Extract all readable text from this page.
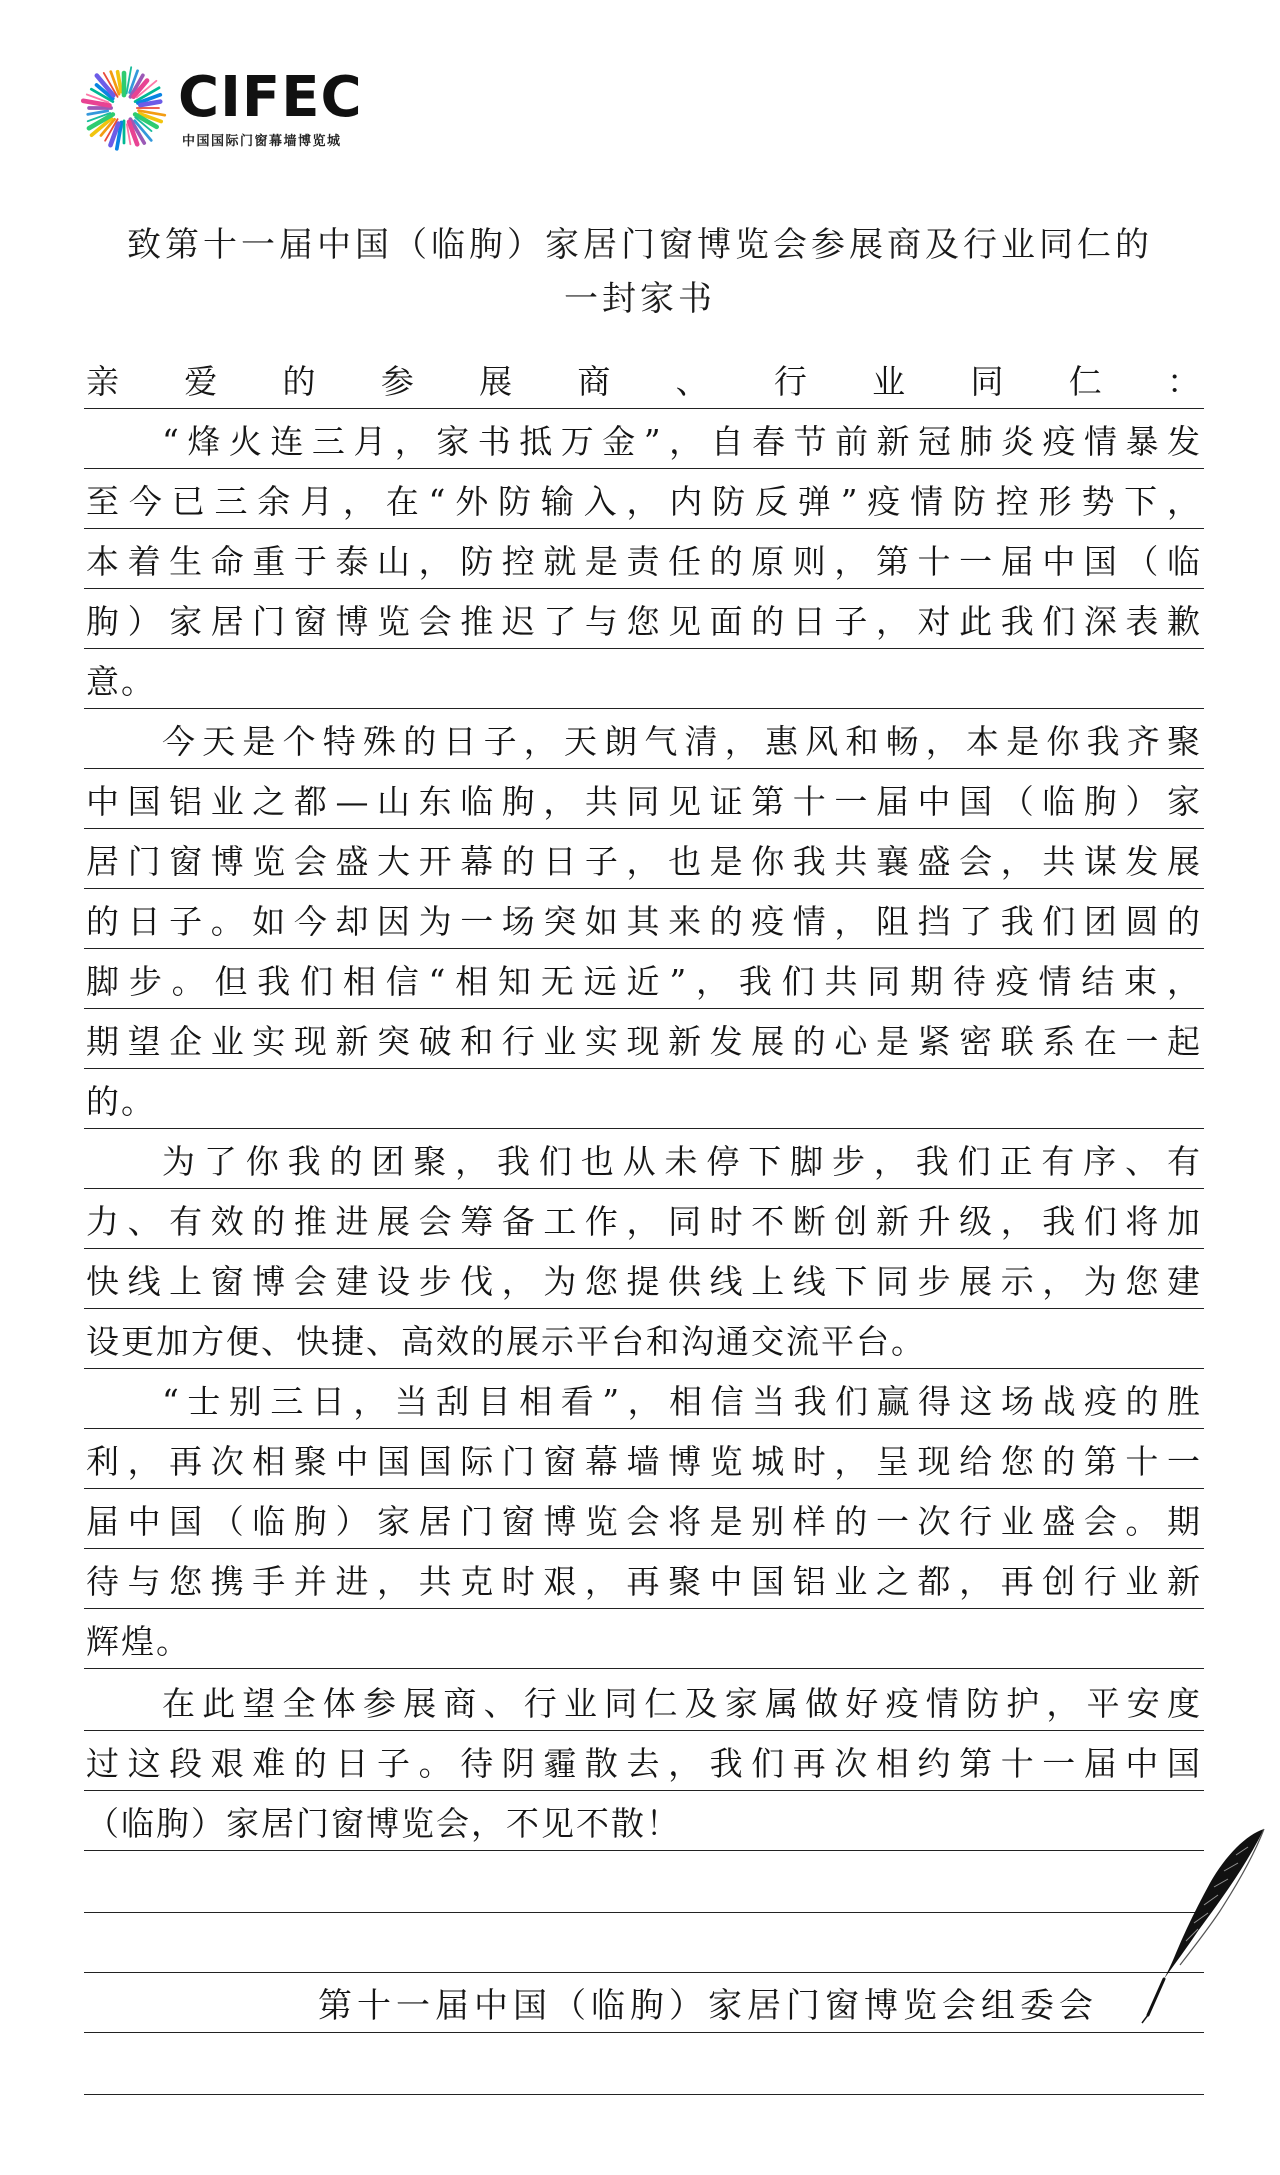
CIFEC
中国国际门窗幕墙博览城
致第十一届中国（临朐）家居门窗博览会参展商及行业同仁的
一封家书
亲爱的参展商、行业同仁：
“烽火连三月，家书抵万金”，自春节前新冠肺炎疫情暴发
至今已三余月，在“外防输入，内防反弹”疫情防控形势下，
本着生命重于泰山，防控就是责任的原则，第十一届中国（临
朐）家居门窗博览会推迟了与您见面的日子，对此我们深表歉
意。
今天是个特殊的日子，天朗气清，惠风和畅，本是你我齐聚
中国铝业之都—山东临朐，共同见证第十一届中国（临朐）家
居门窗博览会盛大开幕的日子，也是你我共襄盛会，共谋发展
的日子。如今却因为一场突如其来的疫情，阻挡了我们团圆的
脚步。但我们相信“相知无远近”，我们共同期待疫情结束，
期望企业实现新突破和行业实现新发展的心是紧密联系在一起
的。
为了你我的团聚，我们也从未停下脚步，我们正有序、有
力、有效的推进展会筹备工作，同时不断创新升级，我们将加
快线上窗博会建设步伐，为您提供线上线下同步展示，为您建
设更加方便、快捷、高效的展示平台和沟通交流平台。
“士别三日，当刮目相看”，相信当我们赢得这场战疫的胜
利，再次相聚中国国际门窗幕墙博览城时，呈现给您的第十一
届中国（临朐）家居门窗博览会将是别样的一次行业盛会。期
待与您携手并进，共克时艰，再聚中国铝业之都，再创行业新
辉煌。
在此望全体参展商、行业同仁及家属做好疫情防护，平安度
过这段艰难的日子。待阴霾散去，我们再次相约第十一届中国
（临朐）家居门窗博览会，不见不散！
第十一届中国（临朐）家居门窗博览会组委会
